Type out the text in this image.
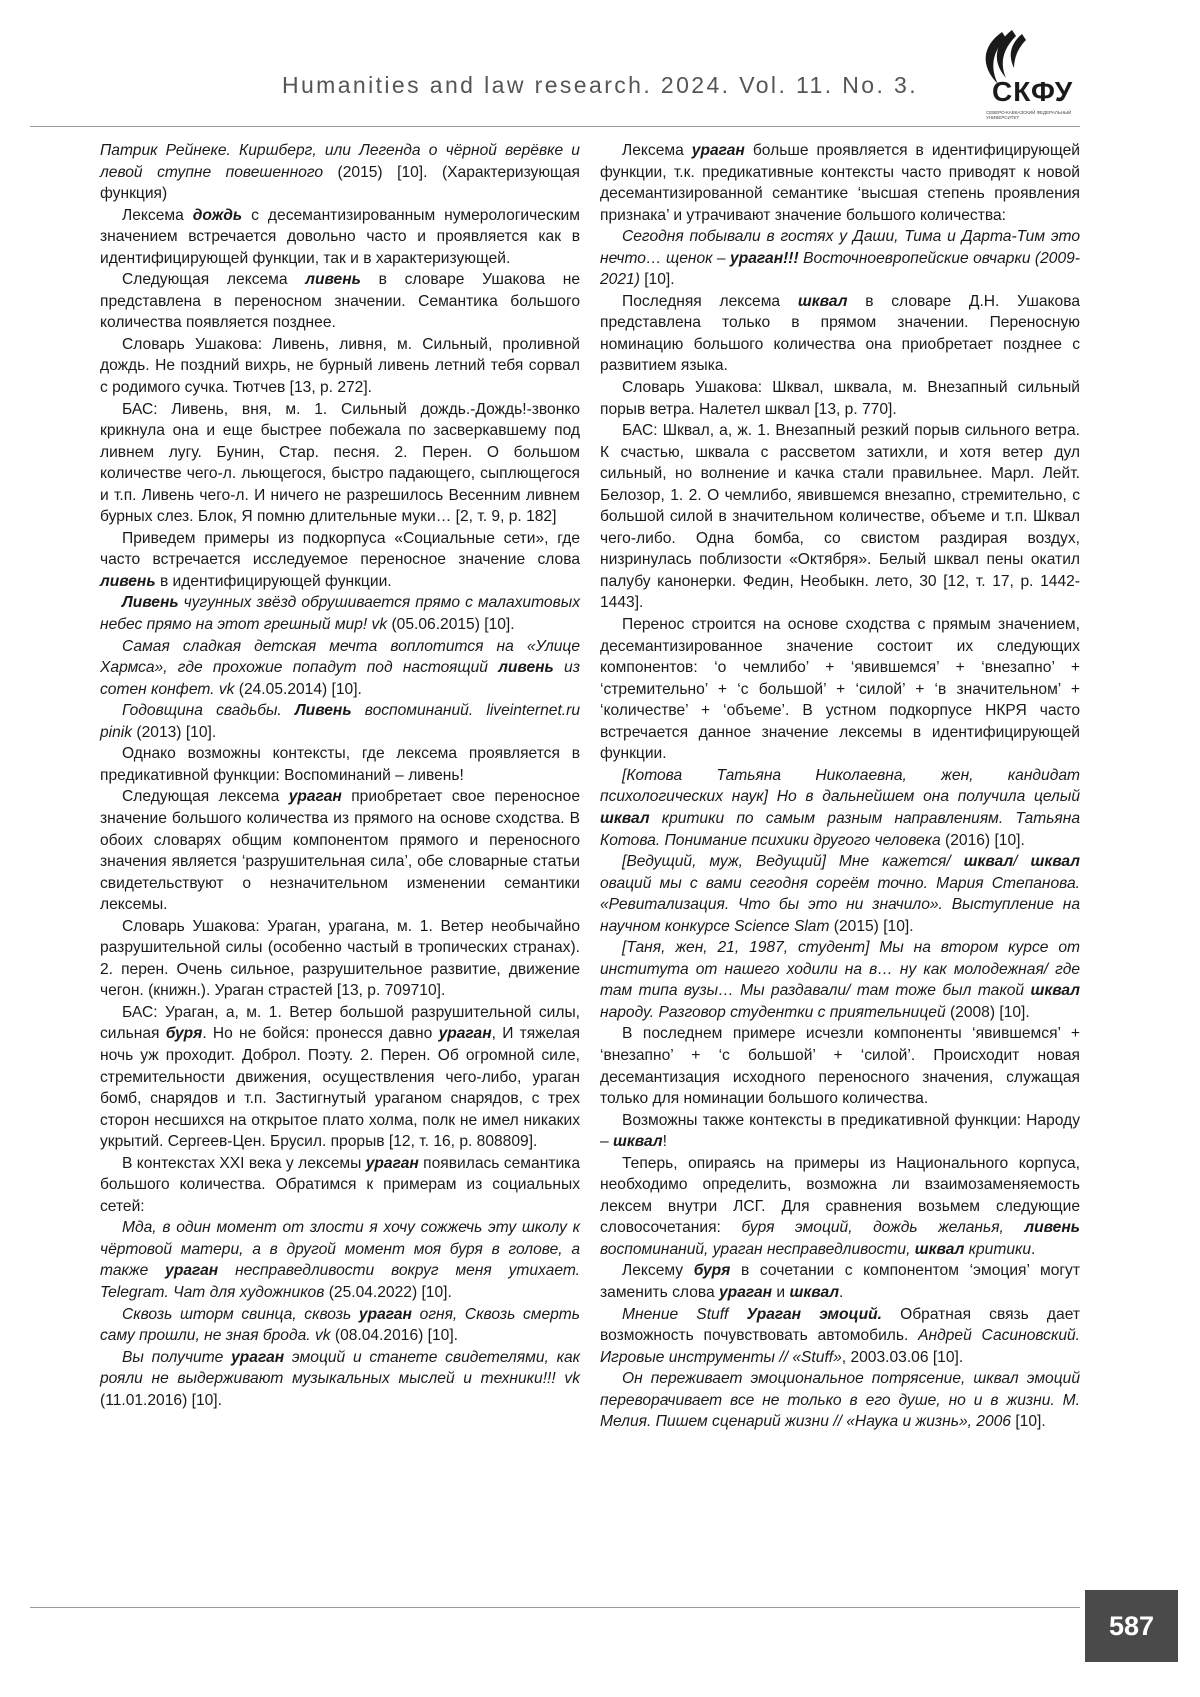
Humanities and law research. 2024. Vol. 11. No. 3.	СКФУ
СЕВЕРО-КАВКАЗСКИЙ ФЕДЕРАЛЬНЫЙ УНИВЕРСИТЕТ

Патрик Рейнеке. Киршберг, или Легенда о чёрной верёвке и левой ступне повешенного (2015) [10]. (Характеризующая функция)

Лексема дождь с десемантизированным нумерологическим значением встречается довольно часто и проявляется как в идентифицирующей функции, так и в характеризующей.

Следующая лексема ливень в словаре Ушакова не представлена в переносном значении. Семантика большого количества появляется позднее.

Словарь Ушакова: Ливень, ливня, м. Сильный, проливной дождь. Не поздний вихрь, не бурный ливень летний тебя сорвал с родимого сучка. Тютчев [13, p. 272].

БАС: Ливень, вня, м. 1. Сильный дождь.-Дождь!-звонко крикнула она и еще быстрее побежала по засверкавшему под ливнем лугу. Бунин, Стар. песня. 2. Перен. О большом количестве чего-л. льющегося, быстро падающего, сыплющегося и т.п. Ливень чего-л. И ничего не разрешилось Весенним ливнем бурных слез. Блок, Я помню длительные муки… [2, т. 9, p. 182]

Приведем примеры из подкорпуса «Социальные сети», где часто встречается исследуемое переносное значение слова ливень в идентифицирующей функции.

Ливень чугунных звёзд обрушивается прямо с малахитовых небес прямо на этот грешный мир! vk (05.06.2015) [10].

Самая сладкая детская мечта воплотится на «Улице Хармса», где прохожие попадут под настоящий ливень из сотен конфет. vk (24.05.2014) [10].

Годовщина свадьбы. Ливень воспоминаний. liveinternet.ru pinik (2013) [10].

Однако возможны контексты, где лексема проявляется в предикативной функции: Воспоминаний – ливень!

Следующая лексема ураган приобретает свое переносное значение большого количества из прямого на основе сходства. В обоих словарях общим компонентом прямого и переносного значения является ‘разрушительная сила’, обе словарные статьи свидетельствуют о незначительном изменении семантики лексемы.

Словарь Ушакова: Ураган, урагана, м. 1. Ветер необычайно разрушительной силы (особенно частый в тропических странах). 2. перен. Очень сильное, разрушительное развитие, движение чегон. (книжн.). Ураган страстей [13, p. 709710].

БАС: Ураган, а, м. 1. Ветер большой разрушительной силы, сильная буря. Но не бойся: пронесся давно ураган, И тяжелая ночь уж проходит. Доброл. Поэту. 2. Перен. Об огромной силе, стремительности движения, осуществления чего-либо, ураган бомб, снарядов и т.п. Застигнутый ураганом снарядов, с трех сторон несшихся на открытое плато холма, полк не имел никаких укрытий. Сергеев-Цен. Брусил. прорыв [12, т. 16, p. 808809].

В контекстах XXI века у лексемы ураган появилась семантика большого количества. Обратимся к примерам из социальных сетей:

Мда, в один момент от злости я хочу сожжечь эту школу к чёртовой матери, а в другой момент моя буря в голове, а также ураган несправедливости вокруг меня утихает. Telegram. Чат для художников (25.04.2022) [10].

Сквозь шторм свинца, сквозь ураган огня, Сквозь смерть саму прошли, не зная брода. vk (08.04.2016) [10].

Вы получите ураган эмоций и станете свидетелями, как рояли не выдерживают музыкальных мыслей и техники!!! vk (11.01.2016) [10].

Лексема ураган больше проявляется в идентифицирующей функции, т.к. предикативные контексты часто приводят к новой десемантизированной семантике ‘высшая степень проявления признака’ и утрачивают значение большого количества:

Сегодня побывали в гостях у Даши, Тима и Дарта-Тим это нечто… щенок – ураган!!! Восточноевропейские овчарки (2009-2021) [10].

Последняя лексема шквал в словаре Д.Н. Ушакова представлена только в прямом значении. Переносную номинацию большого количества она приобретает позднее с развитием языка.

Словарь Ушакова: Шквал, шквала, м. Внезапный сильный порыв ветра. Налетел шквал [13, p. 770].

БАС: Шквал, а, ж. 1. Внезапный резкий порыв сильного ветра. К счастью, шквала с рассветом затихли, и хотя ветер дул сильный, но волнение и качка стали правильнее. Марл. Лейт. Белозор, 1. 2. О чемлибо, явившемся внезапно, стремительно, с большой силой в значительном количестве, объеме и т.п. Шквал чего-либо. Одна бомба, со свистом раздирая воздух, низринулась поблизости «Октября». Белый шквал пены окатил палубу канонерки. Федин, Необыкн. лето, 30 [12, т. 17, p. 1442-1443].

Перенос строится на основе сходства с прямым значением, десемантизированное значение состоит их следующих компонентов: ‘о чемлибо’ + ‘явившемся’ + ‘внезапно’ + ‘стремительно’ + ‘с большой’ + ‘силой’ + ‘в значительном’ + ‘количестве’ + ‘объеме’. В устном подкорпусе НКРЯ часто встречается данное значение лексемы в идентифицирующей функции.

[Котова Татьяна Николаевна, жен, кандидат психологических наук] Но в дальнейшем она получила целый шквал критики по самым разным направлениям. Татьяна Котова. Понимание психики другого человека (2016) [10].

[Ведущий, муж, Ведущий] Мне кажется/ шквал/ шквал оваций мы с вами сегодня сореём точно. Мария Степанова. «Ревитализация. Что бы это ни значило». Выступление на научном конкурсе Science Slam (2015) [10].

[Таня, жен, 21, 1987, студент] Мы на втором курсе от института от нашего ходили на в… ну как молодежная/ где там типа вузы… Мы раздавали/ там тоже был такой шквал народу. Разговор студентки с приятельницей (2008) [10].

В последнем примере исчезли компоненты ‘явившемся’ + ‘внезапно’ + ‘с большой’ + ‘силой’. Происходит новая десемантизация исходного переносного значения, служащая только для номинации большого количества.

Возможны также контексты в предикативной функции: Народу – шквал!

Теперь, опираясь на примеры из Национального корпуса, необходимо определить, возможна ли взаимозаменяемость лексем внутри ЛСГ. Для сравнения возьмем следующие словосочетания: буря эмоций, дождь желанья, ливень воспоминаний, ураган несправедливости, шквал критики.

Лексему буря в сочетании с компонентом ‘эмоция’ могут заменить слова ураган и шквал.

Мнение Stuff Ураган эмоций. Обратная связь дает возможность почувствовать автомобиль. Андрей Сасиновский. Игровые инструменты // «Stuff», 2003.03.06 [10].

Он переживает эмоциональное потрясение, шквал эмоций переворачивает все не только в его душе, но и в жизни. М. Мелия. Пишем сценарий жизни // «Наука и жизнь», 2006 [10].

587
